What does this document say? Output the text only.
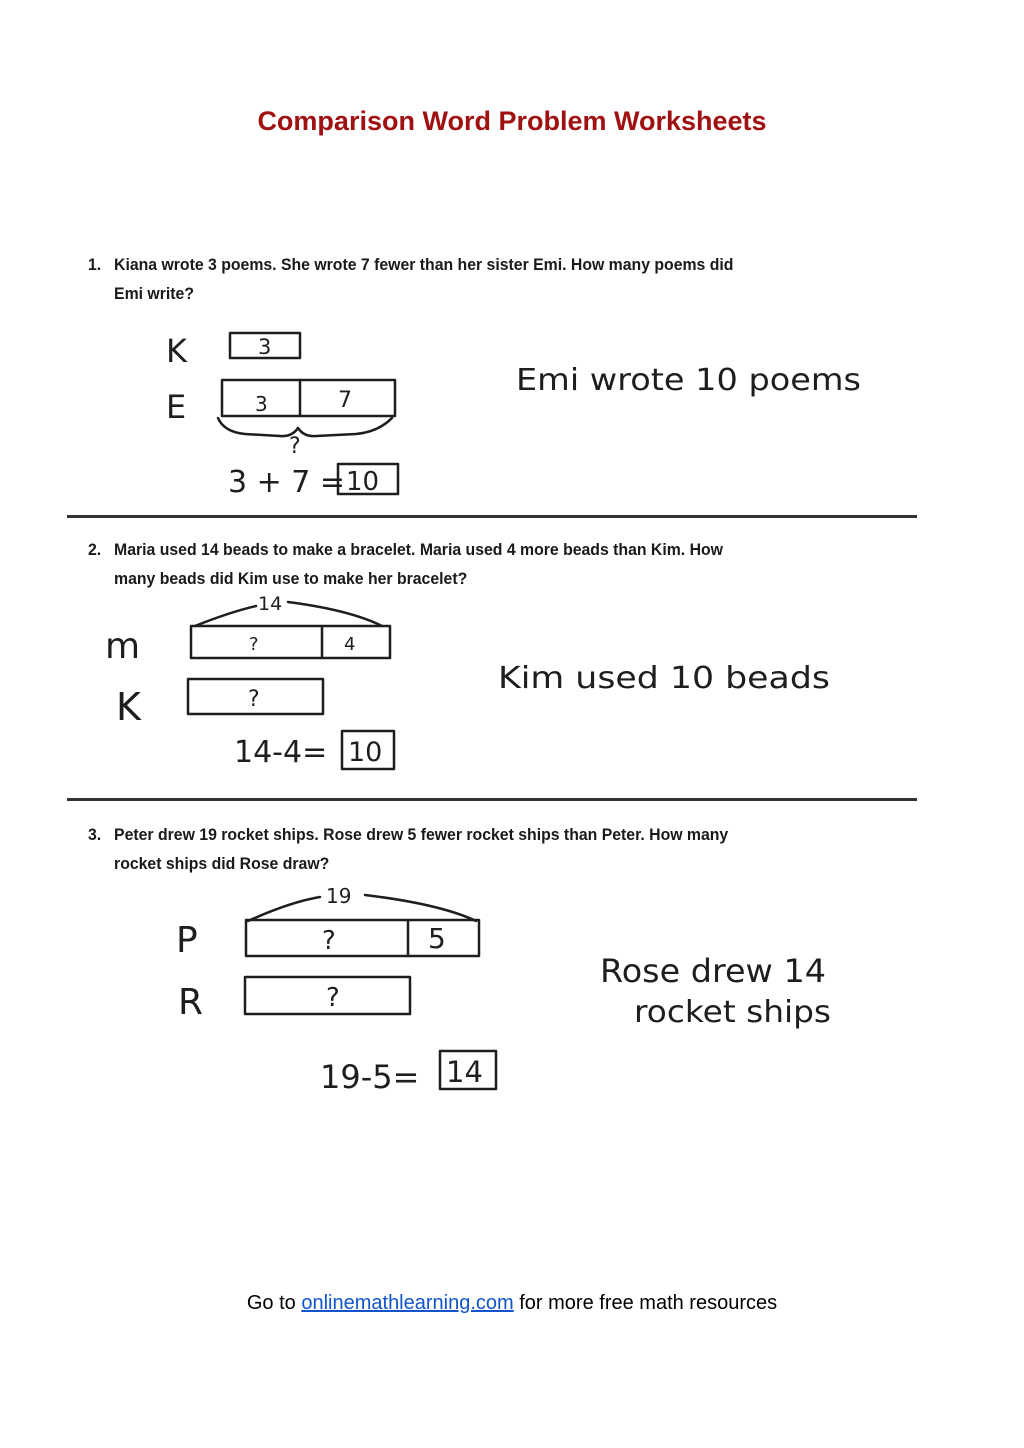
Comparison Word Problem Worksheets
1. Kiana wrote 3 poems. She wrote 7 fewer than her sister Emi. How many poems did
Emi write?
2. Maria used 14 beads to make a bracelet. Maria used 4 more beads than Kim. How
many beads did Kim use to make her bracelet?
3. Peter drew 19 rocket ships. Rose drew 5 fewer rocket ships than Peter. How many
rocket ships did Rose draw?
K
E
3
3	7
?
3 + 7 = 10
Emi wrote 10 poems
m
K
14
?	4
?
14-4= 10
Kim used 10 beads
P
R
19
?	5
?
19-5= 14
Rose drew 14
rocket ships
Go to onlinemathlearning.com for more free math resources
